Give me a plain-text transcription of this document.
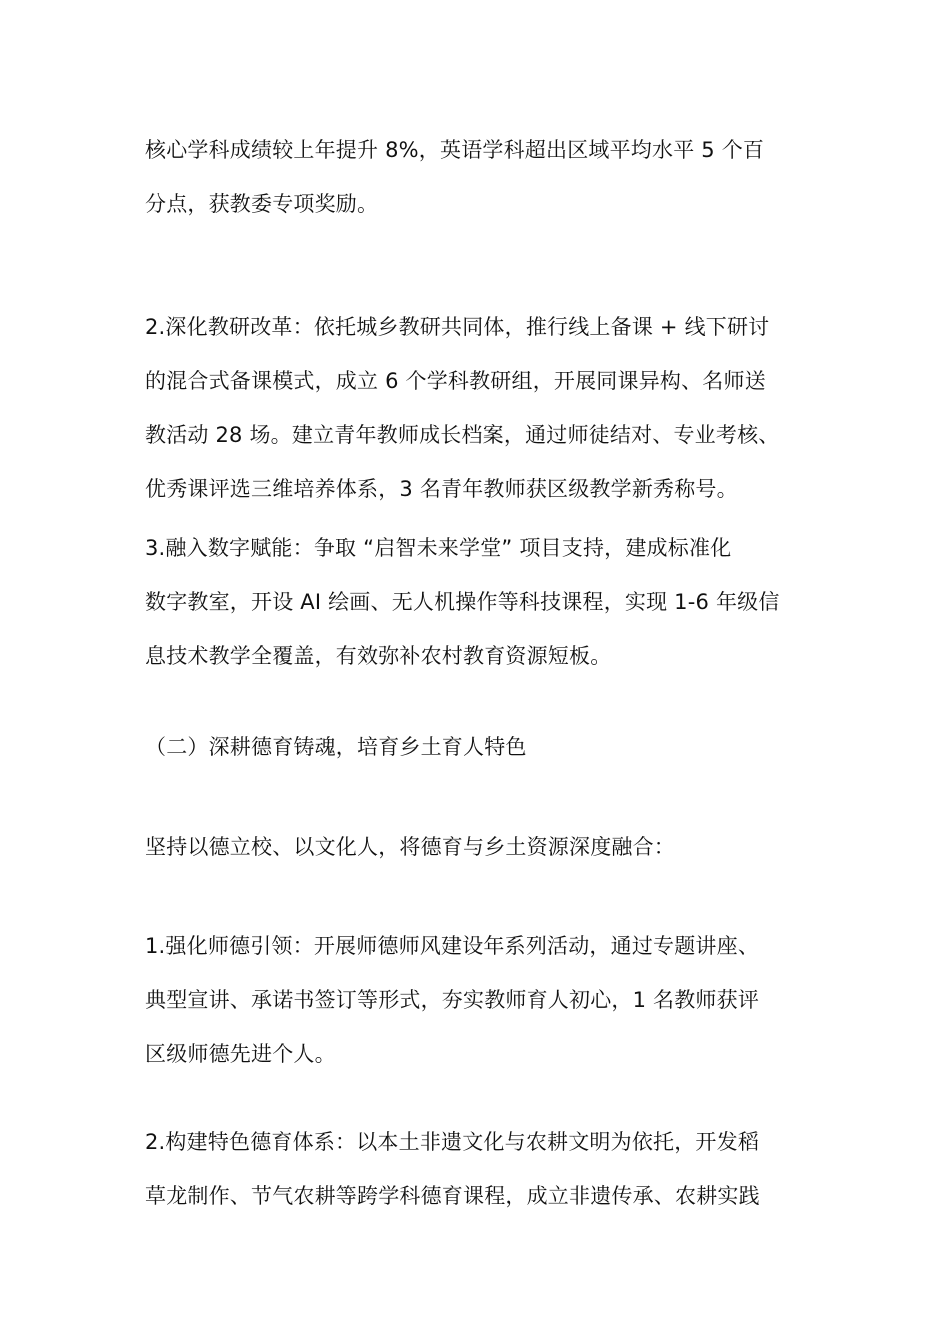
核心学科成绩较上年提升 8%，英语学科超出区域平均水平 5 个百
分点，获教委专项奖励。
2.深化教研改革：依托城乡教研共同体，推行线上备课 + 线下研讨
的混合式备课模式，成立 6 个学科教研组，开展同课异构、名师送
教活动 28 场。建立青年教师成长档案，通过师徒结对、专业考核、
优秀课评选三维培养体系，3 名青年教师获区级教学新秀称号。
3.融入数字赋能：争取 “启智未来学堂” 项目支持，建成标准化
数字教室，开设 AI 绘画、无人机操作等科技课程，实现 1-6 年级信
息技术教学全覆盖，有效弥补农村教育资源短板。
（二）深耕德育铸魂，培育乡土育人特色
坚持以德立校、以文化人，将德育与乡土资源深度融合：
1.强化师德引领：开展师德师风建设年系列活动，通过专题讲座、
典型宣讲、承诺书签订等形式，夯实教师育人初心，1 名教师获评
区级师德先进个人。
2.构建特色德育体系：以本土非遗文化与农耕文明为依托，开发稻
草龙制作、节气农耕等跨学科德育课程，成立非遗传承、农耕实践
